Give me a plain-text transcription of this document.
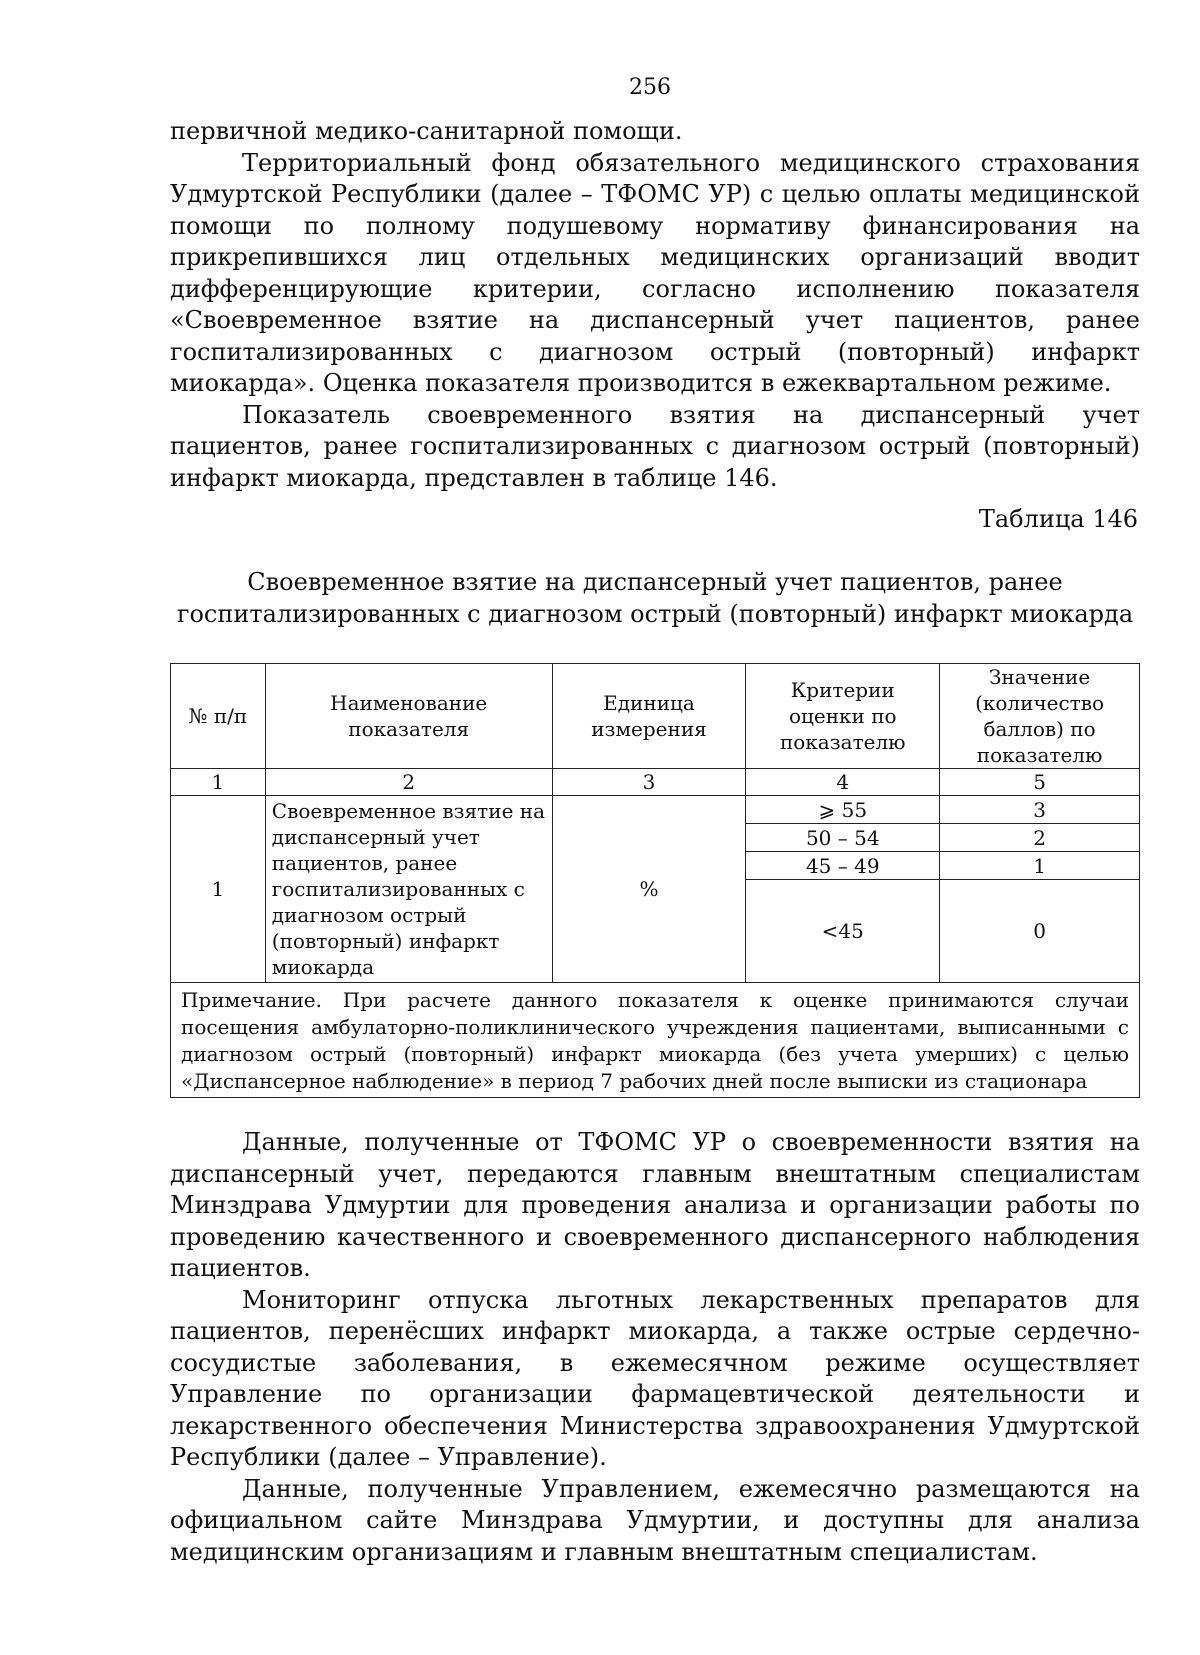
256

первичной медико-санитарной помощи.

Территориальный фонд обязательного медицинского страхования Удмуртской Республики (далее – ТФОМС УР) с целью оплаты медицинской помощи по полному подушевому нормативу финансирования на прикрепившихся лиц отдельных медицинских организаций вводит дифференцирующие критерии, согласно исполнению показателя «Своевременное взятие на диспансерный учет пациентов, ранее госпитализированных с диагнозом острый (повторный) инфаркт миокарда». Оценка показателя производится в ежеквартальном режиме.

Показатель своевременного взятия на диспансерный учет пациентов, ранее госпитализированных с диагнозом острый (повторный) инфаркт миокарда, представлен в таблице 146.

Таблица 146
Своевременное взятие на диспансерный учет пациентов, ранее госпитализированных с диагнозом острый (повторный) инфаркт миокарда
№ п/п	Наименование показателя	Единица измерения	Критерии оценки по показателю	Значение (количество баллов) по показателю
1	2	3	4	5
1	Своевременное взятие на диспансерный учет пациентов, ранее госпитализированных с диагнозом острый (повторный) инфаркт миокарда	%	⩾ 55	3
			50 – 54	2
			45 – 49	1
			<45	0
Примечание. При расчете данного показателя к оценке принимаются случаи посещения амбулаторно-поликлинического учреждения пациентами, выписанными с диагнозом острый (повторный) инфаркт миокарда (без учета умерших) с целью «Диспансерное наблюдение» в период 7 рабочих дней после выписки из стационара				

Данные, полученные от ТФОМС УР о своевременности взятия на диспансерный учет, передаются главным внештатным специалистам Минздрава Удмуртии для проведения анализа и организации работы по проведению качественного и своевременного диспансерного наблюдения пациентов.

Мониторинг отпуска льготных лекарственных препаратов для пациентов, перенёсших инфаркт миокарда, а также острые сердечно-сосудистые заболевания, в ежемесячном режиме осуществляет Управление по организации фармацевтической деятельности и лекарственного обеспечения Министерства здравоохранения Удмуртской Республики (далее – Управление).

Данные, полученные Управлением, ежемесячно размещаются на официальном сайте Минздрава Удмуртии, и доступны для анализа медицинским организациям и главным внештатным специалистам.
